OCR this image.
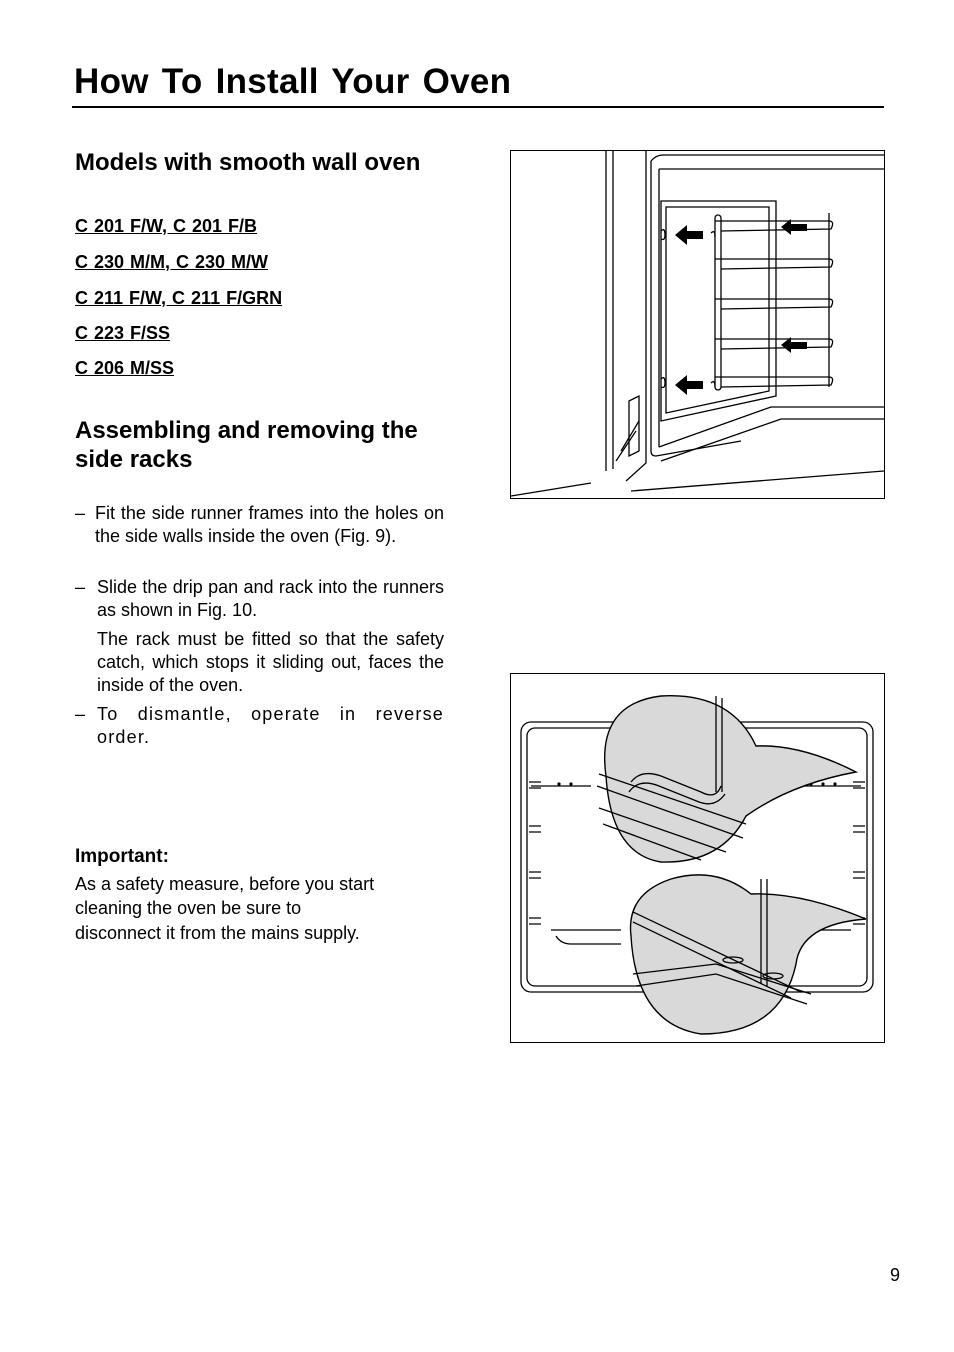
How To Install Your Oven
Models with smooth wall oven

C 201 F/W, C 201 F/B

C 230 M/M, C 230 M/W

C 211 F/W, C 211 F/GRN

C 223 F/SS

C 206 M/SS

Assembling and removing the side racks
– Fit the side runner frames into the holes on the side walls inside the oven (Fig. 9).
– Slide the drip pan and rack into the runners as shown in Fig. 10.

The rack must be fitted so that the safety catch, which stops it sliding out, faces the inside of the oven.

– To dismantle, operate in reverse order.

Important:

As a safety measure, before you start

cleaning the oven be sure to

disconnect it from the mains supply.

9
